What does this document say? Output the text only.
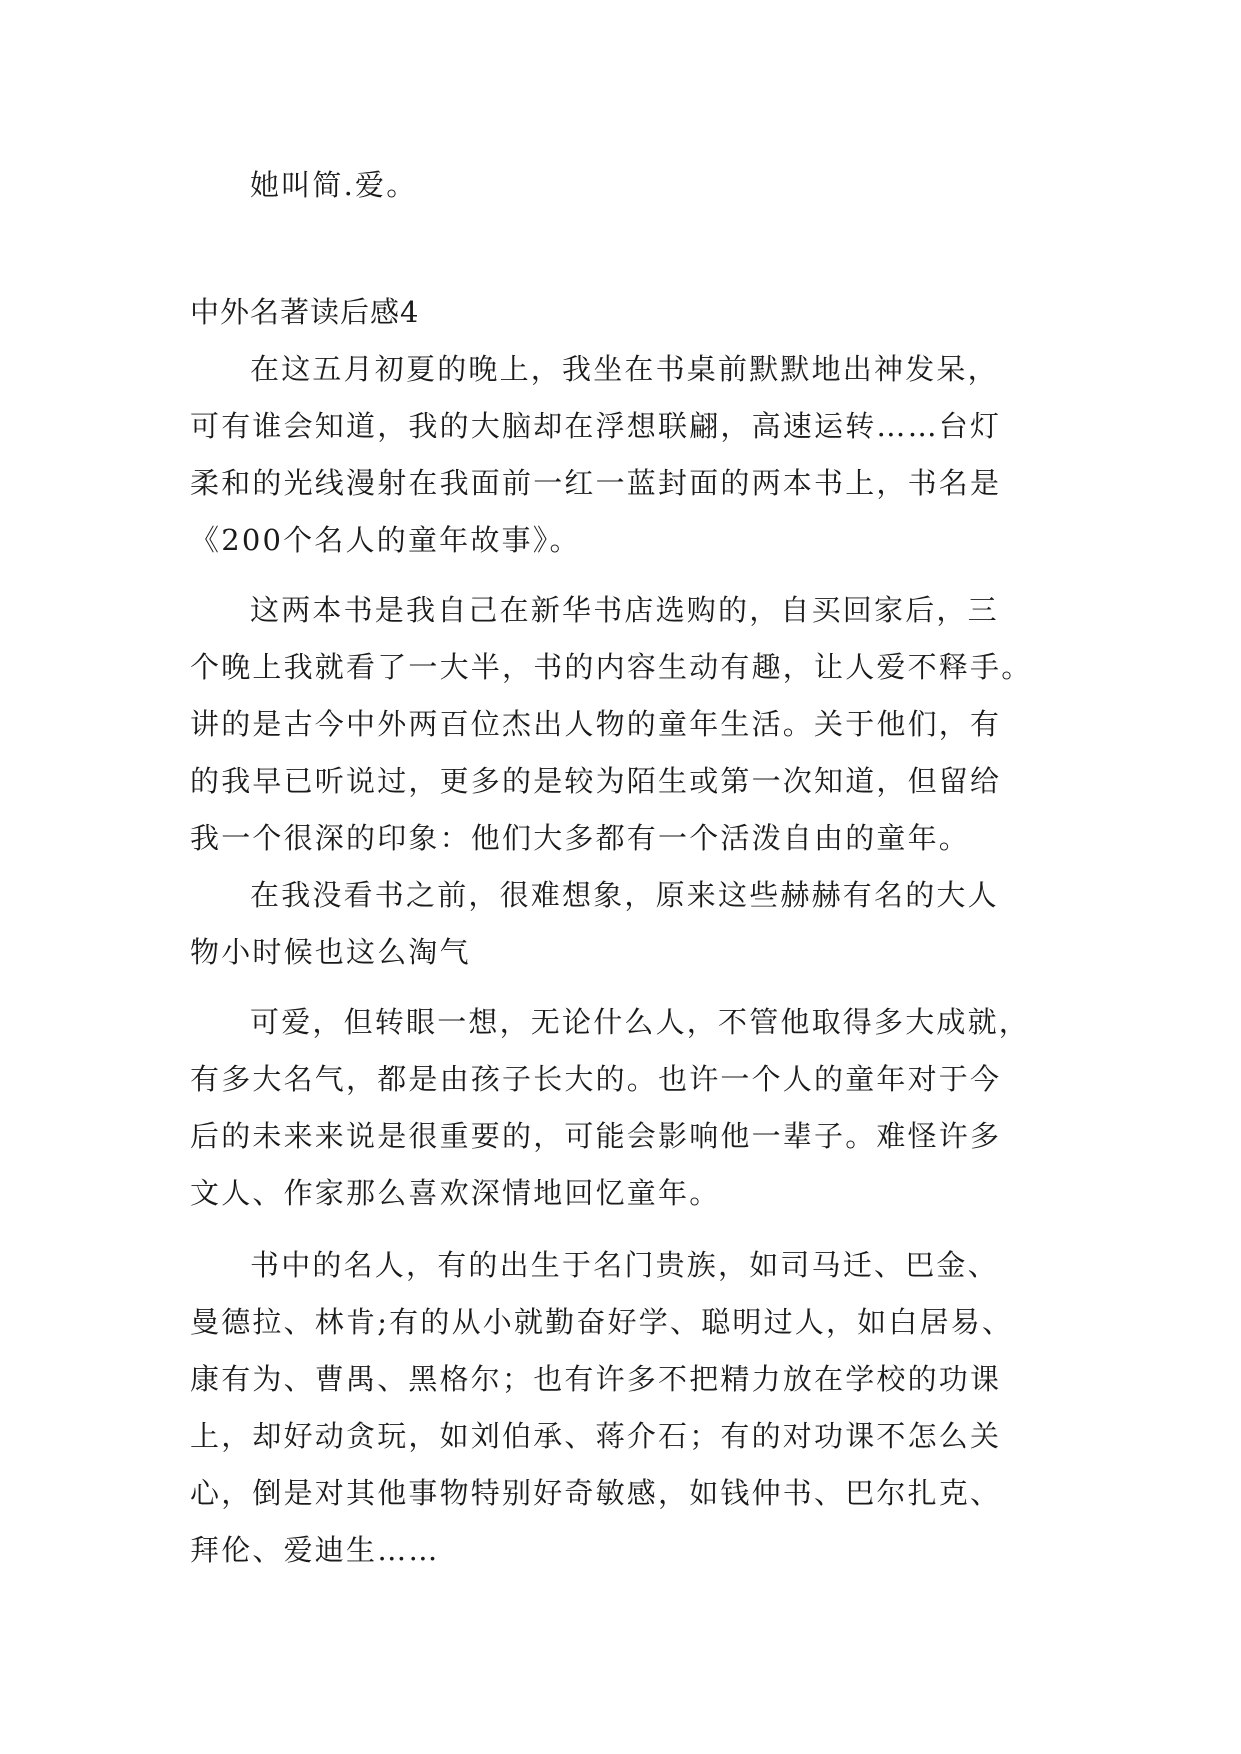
她叫简.爱。
中外名著读后感4
在这五月初夏的晚上，我坐在书桌前默默地出神发呆，
可有谁会知道，我的大脑却在浮想联翩，高速运转……台灯
柔和的光线漫射在我面前一红一蓝封面的两本书上，书名是
《200个名人的童年故事》。
这两本书是我自己在新华书店选购的，自买回家后，三
个晚上我就看了一大半，书的内容生动有趣，让人爱不释手。
讲的是古今中外两百位杰出人物的童年生活。关于他们，有
的我早已听说过，更多的是较为陌生或第一次知道，但留给
我一个很深的印象：他们大多都有一个活泼自由的童年。
在我没看书之前，很难想象，原来这些赫赫有名的大人
物小时候也这么淘气
可爱，但转眼一想，无论什么人，不管他取得多大成就，
有多大名气，都是由孩子长大的。也许一个人的童年对于今
后的未来来说是很重要的，可能会影响他一辈子。难怪许多
文人、作家那么喜欢深情地回忆童年。
书中的名人，有的出生于名门贵族，如司马迁、巴金、
曼德拉、林肯;有的从小就勤奋好学、聪明过人，如白居易、
康有为、曹禺、黑格尔；也有许多不把精力放在学校的功课
上，却好动贪玩，如刘伯承、蒋介石；有的对功课不怎么关
心，倒是对其他事物特别好奇敏感，如钱仲书、巴尔扎克、
拜伦、爱迪生……
